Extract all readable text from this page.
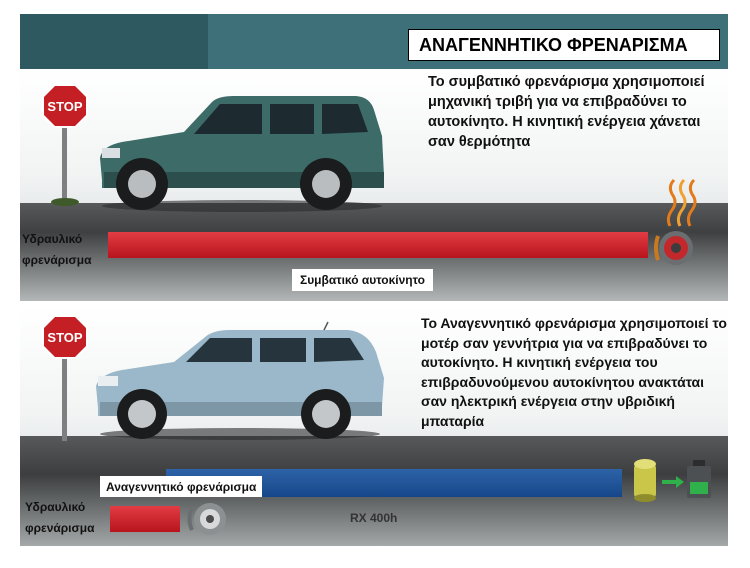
ΑΝΑΓΕΝΝΗΤΙΚΟ ΦΡΕΝΑΡΙΣΜΑ
STOP
Το συμβατικό φρενάρισμα χρησιμοποιεί μηχανική τριβή για να επιβραδύνει το αυτοκίνητο. Η κινητική ενέργεια χάνεται σαν θερμότητα
Υδραυλικό φρενάρισμα
Συμβατικό αυτοκίνητο
STOP
Το Αναγεννητικό φρενάρισμα χρησιμοποιεί το μοτέρ σαν γεννήτρια για να επιβραδύνει το αυτοκίνητο. Η κινητική ενέργεια του επιβραδυνούμενου αυτοκίνητου ανακτάται σαν ηλεκτρική ενέργεια στην υβριδική μπαταρία
Αναγεννητικό φρενάρισμα
Υδραυλικό φρενάρισμα
RX 400h
